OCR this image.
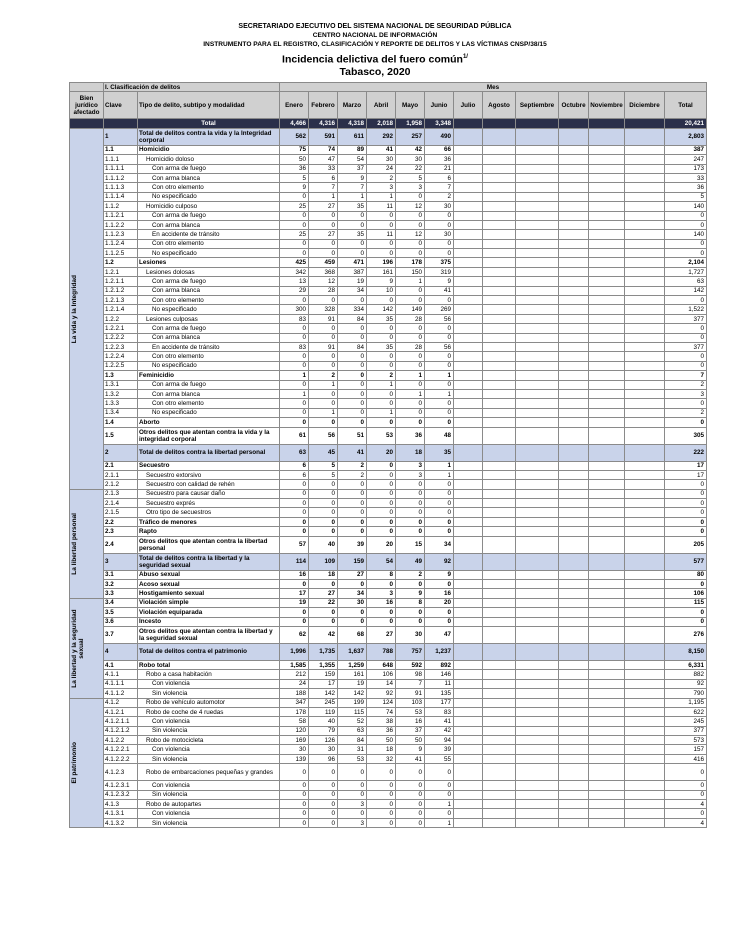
SECRETARIADO EJECUTIVO DEL SISTEMA NACIONAL DE SEGURIDAD PÚBLICA
CENTRO NACIONAL DE INFORMACIÓN
INSTRUMENTO PARA EL REGISTRO, CLASIFICACIÓN Y REPORTE DE DELITOS Y LAS VÍCTIMAS CNSP/38/15
Incidencia delictiva del fuero común$^{1/}$
Tabasco, 2020
	I. Clasificación de delitos		Mes												
Bien jurídico afectado	Clave	Tipo de delito, subtipo y modalidad	Enero	Febrero	Marzo	Abril	Mayo	Junio	Julio	Agosto	Septiembre	Octubre	Noviembre	Diciembre	Total
		Total	4,466	4,316	4,318	2,018	1,958	3,348							20,421

La vida y la Integridad	1	Total de delitos contra la vida y la Integridad corporal	562	591	611	292	257	490							2,803
	1.1	Homicidio	75	74	89	41	42	66							387
	1.1.1	Homicidio doloso	50	47	54	30	30	36							247
	1.1.1.1	Con arma de fuego	36	33	37	24	22	21							173
	1.1.1.2	Con arma blanca	5	6	9	2	5	6							33
	1.1.1.3	Con otro elemento	9	7	7	3	3	7							36
	1.1.1.4	No especificado	0	1	1	1	0	2							5
	1.1.2	Homicidio culposo	25	27	35	11	12	30							140
	1.1.2.1	Con arma de fuego	0	0	0	0	0	0							0
	1.1.2.2	Con arma blanca	0	0	0	0	0	0							0
	1.1.2.3	En accidente de tránsito	25	27	35	11	12	30							140
	1.1.2.4	Con otro elemento	0	0	0	0	0	0							0
	1.1.2.5	No especificado	0	0	0	0	0	0							0
	1.2	Lesiones	425	459	471	196	178	375							2,104
	1.2.1	Lesiones dolosas	342	368	387	161	150	319							1,727
	1.2.1.1	Con arma de fuego	13	12	19	9	1	9							63
	1.2.1.2	Con arma blanca	29	28	34	10	0	41							142
	1.2.1.3	Con otro elemento	0	0	0	0	0	0							0
	1.2.1.4	No especificado	300	328	334	142	149	269							1,522
	1.2.2	Lesiones culposas	83	91	84	35	28	56							377
	1.2.2.1	Con arma de fuego	0	0	0	0	0	0							0
	1.2.2.2	Con arma blanca	0	0	0	0	0	0							0
	1.2.2.3	En accidente de tránsito	83	91	84	35	28	56							377
	1.2.2.4	Con otro elemento	0	0	0	0	0	0							0
	1.2.2.5	No especificado	0	0	0	0	0	0							0
	1.3	Feminicidio	1	2	0	2	1	1							7
	1.3.1	Con arma de fuego	0	1	0	1	0	0							2
	1.3.2	Con arma blanca	1	0	0	0	1	1							3
	1.3.3	Con otro elemento	0	0	0	0	0	0							0
	1.3.4	No especificado	0	1	0	1	0	0							2
	1.4	Aborto	0	0	0	0	0	0							0
	1.5	Otros delitos que atentan contra la vida y la integridad corporal	61	56	51	53	36	48							305
	2	Total de delitos contra la libertad personal	63	45	41	20	18	35							222
	2.1	Secuestro	6	5	2	0	3	1							17
	2.1.1	Secuestro extorsivo	6	5	2	0	3	1							17
	2.1.2	Secuestro con calidad de rehén	0	0	0	0	0	0							0

La libertad personal	2.1.3	Secuestro para causar daño	0	0	0	0	0	0							0
	2.1.4	Secuestro exprés	0	0	0	0	0	0							0
	2.1.5	Otro tipo de secuestros	0	0	0	0	0	0							0
	2.2	Tráfico de menores	0	0	0	0	0	0							0
	2.3	Rapto	0	0	0	0	0	0							0
	2.4	Otros delitos que atentan contra la libertad personal	57	40	39	20	15	34							205
	3	Total de delitos contra la libertad y la seguridad sexual	114	109	159	54	49	92							577
	3.1	Abuso sexual	16	18	27	8	2	9							80
	3.2	Acoso sexual	0	0	0	0	0	0							0
	3.3	Hostigamiento sexual	17	27	34	3	9	16							106

La libertad y la seguridad sexual	3.4	Violación simple	19	22	30	16	8	20							115
	3.5	Violación equiparada	0	0	0	0	0	0							0
	3.6	Incesto	0	0	0	0	0	0							0
	3.7	Otros delitos que atentan contra la libertad y la seguridad sexual	62	42	68	27	30	47							276
	4	Total de delitos contra el patrimonio	1,996	1,735	1,637	788	757	1,237							8,150
	4.1	Robo total	1,585	1,355	1,259	648	592	892							6,331
	4.1.1	Robo a casa habitación	212	159	161	106	98	146							882
	4.1.1.1	Con violencia	24	17	19	14	7	11							92
	4.1.1.2	Sin violencia	188	142	142	92	91	135							790

El patrimonio	4.1.2	Robo de vehículo automotor	347	245	199	124	103	177							1,195
	4.1.2.1	Robo de coche de 4 ruedas	178	119	115	74	53	83							622
	4.1.2.1.1	Con violencia	58	40	52	38	16	41							245
	4.1.2.1.2	Sin violencia	120	79	63	36	37	42							377
	4.1.2.2	Robo de motocicleta	169	126	84	50	50	94							573
	4.1.2.2.1	Con violencia	30	30	31	18	9	39							157
	4.1.2.2.2	Sin violencia	139	96	53	32	41	55							416
	4.1.2.3	Robo de embarcaciones pequeñas y grandes	0	0	0	0	0	0							0
	4.1.2.3.1	Con violencia	0	0	0	0	0	0							0
	4.1.2.3.2	Sin violencia	0	0	0	0	0	0							0
	4.1.3	Robo de autopartes	0	0	3	0	0	1							4
	4.1.3.1	Con violencia	0	0	0	0	0	0							0
	4.1.3.2	Sin violencia	0	0	3	0	0	1							4
